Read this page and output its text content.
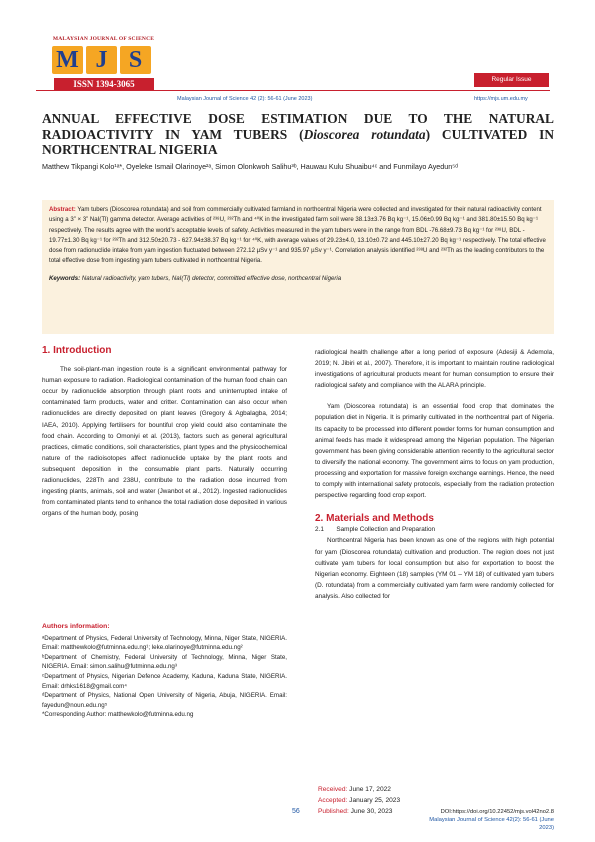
MALAYSIAN JOURNAL OF SCIENCE
M J S
ISSN 1394-3065	Regular Issue
Malaysian Journal of Science 42 (2): 56-61 (June 2023)	https://mjs.um.edu.my
ANNUAL EFFECTIVE DOSE ESTIMATION DUE TO THE NATURAL RADIOACTIVITY IN YAM TUBERS (Dioscorea rotundata) CULTIVATED IN NORTHCENTRAL NIGERIA
Matthew Tikpangi Kolo¹ᵃ*, Oyeleke Ismail Olarinoye²ᵃ, Simon Olonkwoh Salihu³ᵇ, Hauwau Kulu Shuaibu⁴ᶜ and Funmilayo Ayedun⁵ᵈ
Abstract: Yam tubers (Dioscorea rotundata) and soil from commercially cultivated farmland in northcentral Nigeria were collected and investigated for their natural radioactivity content using a 3” × 3” NaI(Tl) gamma detector. Average activities of ²³⁸U, ²³²Th and ⁴⁰K in the investigated farm soil were 38.13±3.76 Bq kg⁻¹, 15.06±0.99 Bq kg⁻¹ and 381.80±15.50 Bq kg⁻¹ respectively. The results agree with the world’s acceptable levels of safety. Activities measured in the yam tubers were in the range from BDL -76.68±9.73 Bq kg⁻¹ for ²³⁸U, BDL - 19.77±1.30 Bq kg⁻¹ for ²³²Th and 312.50±20.73 - 627.94±38.37 Bq kg⁻¹ for ⁴⁰K, with average values of 29.23±4.0, 13.10±0.72 and 445.10±27.20 Bq kg⁻¹ respectively. The total effective dose from radionuclide intake from yam ingestion fluctuated between 272.12 µSv y⁻¹ and 935.97 µSv y⁻¹. Correlation analysis identified ²³⁸U and ²³²Th as the leading contributors to the total effective dose from ingesting yam tubers cultivated in northcentral Nigeria.
Keywords: Natural radioactivity, yam tubers, NaI(Tl) detector, committed effective dose, northcentral Nigeria
1. Introduction

The soil-plant-man ingestion route is a significant environmental pathway for human exposure to radiation. Radiological contamination of the human food chain can occur by radionuclide absorption through plant roots and uninterrupted intake of contaminated farm products, water and critter. Contamination can also occur when radionuclides are directly deposited on plant leaves (Gregory & Agbalagba, 2014; IAEA, 2010). Applying fertilisers for bountiful crop yield could also contaminate the food chain. According to Omoniyi et al. (2013), factors such as general agricultural practices, climatic conditions, soil characteristics, plant types and the physicochemical nature of the radioisotopes affect radionuclide uptake by the plant roots and subsequent deposition in the consumable plant parts. Naturally occurring radionuclides, 228Th and 238U, contribute to the radiation dose incurred from ingesting plants, animals, soil and water (Jwanbot et al., 2012). Ingested radionuclides from contaminated plants tend to enhance the total radiation dose deposited in various organs of the human body, posing

Authors information:

ᵃDepartment of Physics, Federal University of Technology, Minna, Niger State, NIGERIA. Email: matthewkolo@futminna.edu.ng¹; leke.olarinoye@futminna.edu.ng²

ᵇDepartment of Chemistry, Federal University of Technology, Minna, Niger State, NIGERIA. Email: simon.salihu@futminna.edu.ng³

ᶜDepartment of Physics, Nigerian Defence Academy, Kaduna, Kaduna State, NIGERIA. Email: drhks1618@gmail.com⁴

ᵈDepartment of Physics, National Open University of Nigeria, Abuja, NIGERIA. Email: fayedun@noun.edu.ng⁵

*Corresponding Author: matthewkolo@futminna.edu.ng

radiological health challenge after a long period of exposure (Adesiji & Ademola, 2019; N. Jibiri et al., 2007). Therefore, it is important to maintain routine radiological investigations of agricultural products meant for human consumption to ensure their radiological safety and compliance with the ALARA principle.

Yam (Dioscorea rotundata) is an essential food crop that dominates the population diet in Nigeria. It is primarily cultivated in the northcentral part of Nigeria. Its capacity to be processed into different powder forms for human consumption and animal feeds has made it widespread among the Nigerian population. The Nigerian government has been giving considerable attention recently to the agricultural sector to diversify the national economy. The government aims to focus on yam production, processing and exportation for massive foreign exchange earnings. Hence, the need to comply with international safety protocols, especially from the radiation protection perspective regarding food crop export.

2. Materials and Methods
2.1 Sample Collection and Preparation

Northcentral Nigeria has been known as one of the regions with high potential for yam (Dioscorea rotundata) cultivation and production. The region does not just cultivate yam tubers for local consumption but also for exportation to boost the Nigerian economy. Eighteen (18) samples (YM 01 – YM 18) of cultivated yam tubers (D. rotundata) from a commercially cultivated yam farm were randomly collected for analysis. Also collected for

Received: June 17, 2022
Accepted: January 25, 2023
Published: June 30, 2023
56	DOI:https://doi.org/10.22452/mjs.vol42no2.8
Malaysian Journal of Science 42(2): 56-61 (June 2023)
